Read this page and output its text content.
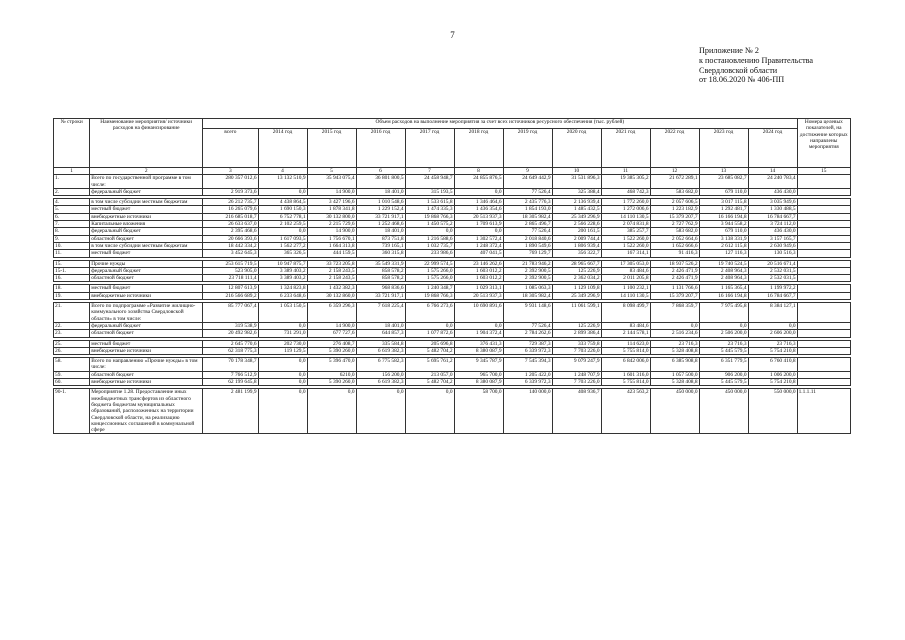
7
Приложение № 2
к постановлению Правительства
Свердловской области
от 18.06.2020 № 406-ПП
№ строки	Наименование мероприятия/ источники расходов на финансирование	Объем расходов на выполнение мероприятия за счет всех источников ресурсного обеспечения (тыс. рублей)												Номера целевых показателей, на достижение которых направлены мероприятия
		всего	2014 год	2015 год	2016 год	2017 год	2018 год	2019 год	2020 год	2021 год	2022 год	2023 год	2024 год	
1	2	3	4	5	6	7	8	9	10	11	12	13	14	15
1.	Всего по государственной программе в том числе:	280 357 012,6	13 132 510,9	35 943 075,4	36 801 800,5	24 458 948,7	24 855 876,5	24 649 442,9	31 531 896,3	19 385 305,2	21 672 289,1	23 685 082,7	24 240 783,4	
2.	федеральный бюджет	2 919 373,6	0,0	14 900,0	18 401,0	315 193,5	0,0	77 526,4	325 388,4	468 742,3	583 682,0	679 110,0	436 430,0	

4.	в том числе субсидии местным бюджетам	26 212 735,7	4 438 864,5	3 427 196,6	1 010 548,6	1 533 615,8	1 346 464,6	2 435 776,3	2 136 939,4	1 772 260,0	2 057 606,5	3 017 115,8	3 035 949,6	
5.	местный бюджет	16 265 079,6	1 690 150,3	1 878 341,8	1 229 152,4	1 474 335,3	1 436 354,6	1 854 193,0	1 485 432,5	1 272 006,6	1 223 182,9	1 292 481,7	1 330 488,5	
6.	внебюджетные источники	216 685 018,7	6 752 778,1	30 132 800,0	33 721 917,1	19 868 766,3	20 513 937,3	18 305 982,4	25 349 296,9	14 110 130,5	15 379 207,7	16 166 194,8	16 784 667,7	
7.	Капитальные вложения	26 633 637,0	2 102 259,5	2 215 729,6	1 252 468,6	1 450 575,2	1 709 613,9	2 865 496,7	2 566 228,6	2 074 831,8	2 727 762,9	3 944 558,2	3 724 112,0	
8.	федеральный бюджет	2 395 468,6	0,0	14 900,0	18 401,0	0,0	0,0	77 526,4	200 161,5	385 257,7	583 682,0	679 110,0	436 430,0	
9.	областной бюджет	20 666 393,6	1 617 093,5	1 756 670,1	873 751,8	1 216 588,6	1 302 572,4	2 018 840,6	2 009 744,4	1 522 260,0	2 052 664,6	3 138 331,9	3 157 165,7	
10.	в том числе субсидии местным бюджетам	18 442 334,2	1 562 277,2	1 664 313,8	739 165,1	1 032 735,7	1 248 372,4	1 890 549,6	1 806 939,4	1 522 260,0	1 652 666,6	2 612 115,8	2 630 949,6	
11.	местный бюджет	3 452 645,3	365 326,5	444 159,5	360 315,8	233 986,6	407 041,5	769 129,7	356 322,7	167 314,1	91 416,3	127 116,3	130 516,3	

15.	Прочие нужды	253 615 719,5	10 947 875,7	33 723 205,8	35 549 331,9	22 999 574,5	23 146 262,6	21 783 946,2	28 965 667,7	17 305 053,0	18 937 526,2	19 740 524,5	20 516 671,4	
15-1.	федеральный бюджет	523 905,0	3 389 403,2	2 158 243,5	858 578,2	1 575 266,0	1 603 012,2	2 392 900,5	125 226,9	83 484,6	2 426 471,9	2 408 964,3	2 532 031,5	
16.	областной бюджет	23 718 111,4	3 389 403,2	2 158 243,5	858 578,2	1 575 266,0	1 603 012,2	2 392 900,5	2 362 034,2	2 011 205,8	2 426 471,9	2 408 964,3	2 532 031,5	

18.	местный бюджет	12 807 613,9	1 324 823,8	1 432 382,3	968 836,6	1 240 348,7	1 029 313,1	1 085 063,3	1 129 109,8	1 100 232,1	1 131 766,6	1 165 365,4	1 199 972,2	
19.	внебюджетные источники	216 566 689,2	6 233 648,6	30 132 860,0	33 721 917,1	19 868 766,3	20 513 937,3	18 305 982,4	25 349 296,9	14 110 130,5	15 379 207,7	16 166 194,8	16 784 667,7	

21.	Всего по подпрограмме «Развитие жилищно-коммунального хозяйства Свердловской области» в том числе:	85 777 067,4	1 053 150,5	6 359 296,3	7 618 225,4	6 766 273,6	10 690 891,6	9 931 148,6	11 061 599,1	8 098 499,7	7 868 359,7	7 975 495,8	8 384 127,1	
22.	федеральный бюджет	319 538,9	0,0	14 900,0	18 401,0	0,0	0,0	77 526,4	125 226,9	83 484,6	0,0	0,0	0,0	
23.	областной бюджет	20 492 982,6	731 291,0	677 727,6	644 857,3	1 077 872,6	1 904 372,4	2 784 262,6	2 899 386,4	2 144 578,1	2 516 234,6	2 506 200,0	2 606 200,0	

25.	местный бюджет	2 645 770,6	202 730,0	276 408,7	335 584,8	205 696,8	376 431,3	729 387,3	333 759,8	114 623,0	23 716,3	23 716,3	23 716,3	
26.	внебюджетные источники	62 318 775,3	119 129,5	5 390 260,0	6 619 382,3	5 482 704,2	8 380 087,9	6 339 972,3	7 703 226,0	5 755 814,0	5 328 408,8	5 445 579,5	5 754 210,8	

58.	Всего по направлению «Прочие нужды» в том числе:	70 178 348,7	0,0	5 396 470,0	6 775 582,3	5 695 761,2	9 345 787,9	7 545 394,3	9 079 247,9	6 842 006,0	6 385 908,8	6 351 779,5	6 760 410,8	
59.	областной бюджет	7 766 512,9	0,0	6210,0	156 200,0	213 057,0	965 700,0	1 205 422,0	1 248 707,9	1 601 316,0	1 057 500,0	906 200,0	1 006 200,0	
60.	внебюджетные источники	62 199 645,8	0,0	5 390 260,0	6 619 382,3	5 482 704,2	8 380 087,9	6 339 972,3	7 703 226,0	5 755 814,0	5 328 408,8	5 445 579,5	5 754 210,8	

90-1.	Мероприятие 1.28. Предоставление иных межбюджетных трансфертов из областного бюджета бюджетам муниципальных образований, расположенных на территории Свердловской области, на реализацию концессионных соглашений в коммунальной сфере	2 481 199,9	0,0	0,0	0,0	0,0	58 700,0	140 000,0	408 936,7	423 563,2	450 000,0	450 000,0	550 000,0	1.1.1.11
